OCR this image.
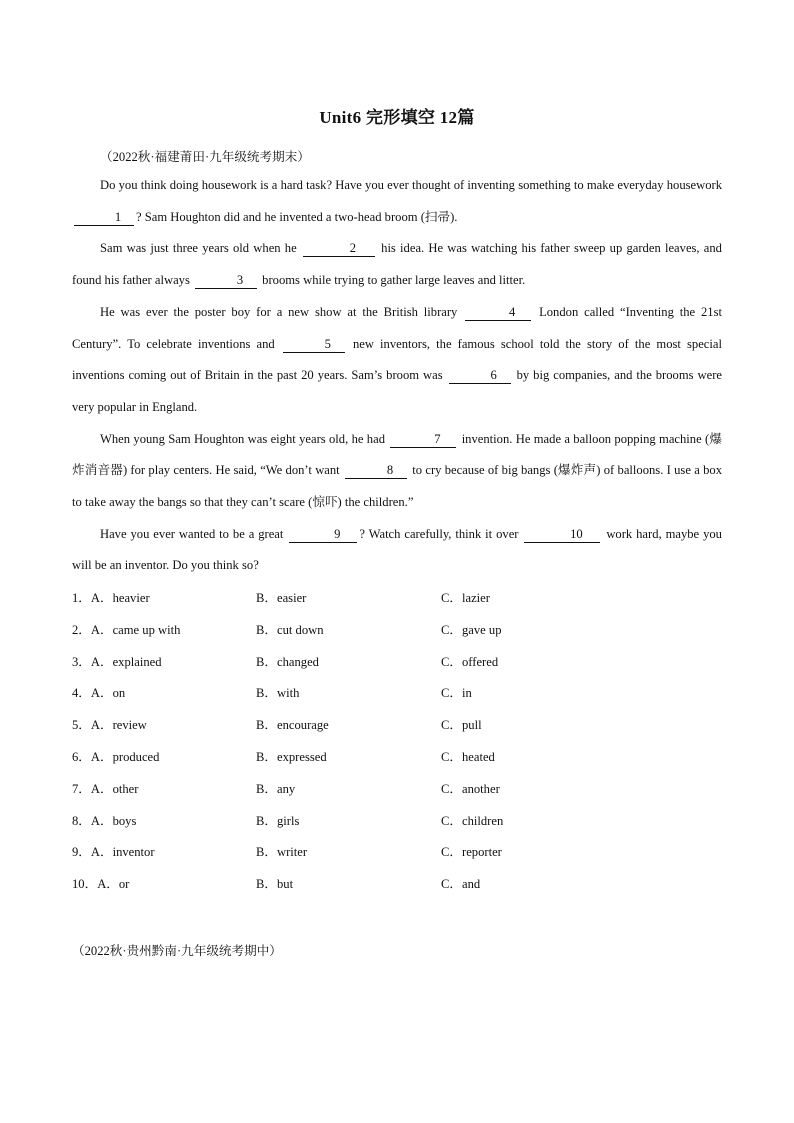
Unit6 完形填空 12篇
（2022秋·福建莆田·九年级统考期末）

Do you think doing housework is a hard task? Have you ever thought of inventing something to make everyday housework 1 ? Sam Houghton did and he invented a two-head broom (扫帚).

Sam was just three years old when he	2 his idea. He was watching his father sweep up garden leaves, and found his father always	3 brooms while trying to gather large leaves and litter.

He was ever the poster boy for a new show at the British library	4 London called “Inventing the 21st Century”. To celebrate inventions and	5 new inventors, the famous school told the story of the most special inventions coming out of Britain in the past 20 years. Sam’s broom was	6 by big companies, and the brooms were very popular in England.

When young Sam Houghton was eight years old, he had	7 invention. He made a balloon popping machine (爆炸消音器) for play centers. He said, “We don’t want	8 to cry because of big bangs (爆炸声) of balloons. I use a box to take away the bangs so that they can’t scare (惊吓) the children.”

Have you ever wanted to be a great	9 ? Watch carefully, think it over	10 work hard, maybe you will be an inventor. Do you think so?

1．A．heavier	B．easier	C．lazier
2．A．came up with	B．cut down	C．gave up
3．A．explained	B．changed	C．offered
4．A．on	B．with	C．in
5．A．review	B．encourage	C．pull
6．A．produced	B．expressed	C．heated
7．A．other	B．any	C．another
8．A．boys	B．girls	C．children
9．A．inventor	B．writer	C．reporter
10．A．or	B．but	C．and
（2022秋·贵州黔南·九年级统考期中）
